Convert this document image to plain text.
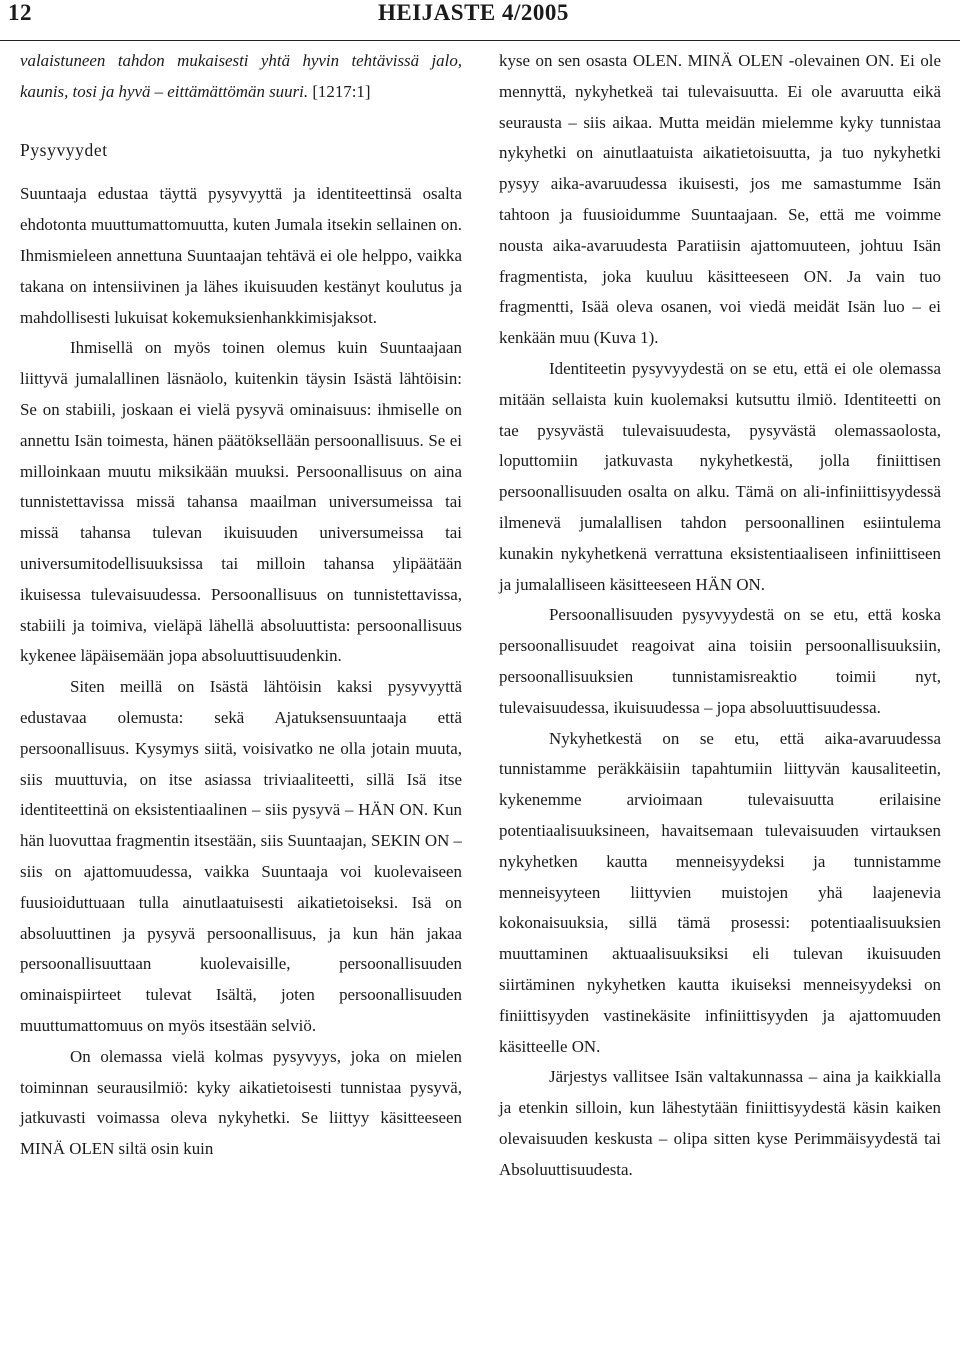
12	HEIJASTE 4/2005

valaistuneen tahdon mukaisesti yhtä hyvin tehtävissä jalo, kaunis, tosi ja hyvä – eittämättömän suuri. [1217:1]

Pysyvyydet

Suuntaaja edustaa täyttä pysyvyyttä ja identiteettinsä osalta ehdotonta muuttumattomuutta, kuten Jumala itsekin sellainen on. Ihmismieleen annettuna Suuntaajan tehtävä ei ole helppo, vaikka takana on intensiivinen ja lähes ikuisuuden kestänyt koulutus ja mahdollisesti lukuisat kokemuksienhankkimisjaksot.

Ihmisellä on myös toinen olemus kuin Suuntaajaan liittyvä jumalallinen läsnäolo, kuitenkin täysin Isästä lähtöisin: Se on stabiili, joskaan ei vielä pysyvä ominaisuus: ihmiselle on annettu Isän toimesta, hänen päätöksellään persoonallisuus. Se ei milloinkaan muutu miksikään muuksi. Persoonallisuus on aina tunnistettavissa missä tahansa maailman universumeissa tai missä tahansa tulevan ikuisuuden universumeissa tai universumitodellisuuksissa tai milloin tahansa ylipäätään ikuisessa tulevaisuudessa. Persoonallisuus on tunnistettavissa, stabiili ja toimiva, vieläpä lähellä absoluuttista: persoonallisuus kykenee läpäisemään jopa absoluuttisuudenkin.

Siten meillä on Isästä lähtöisin kaksi pysyvyyttä edustavaa olemusta: sekä Ajatuksensuuntaaja että persoonallisuus. Kysymys siitä, voisivatko ne olla jotain muuta, siis muuttuvia, on itse asiassa triviaaliteetti, sillä Isä itse identiteettinä on eksistentiaalinen – siis pysyvä – HÄN ON. Kun hän luovuttaa fragmentin itsestään, siis Suuntaajan, SEKIN ON – siis on ajattomuudessa, vaikka Suuntaaja voi kuolevaiseen fuusioiduttuaan tulla ainutlaatuisesti aikatietoiseksi. Isä on absoluuttinen ja pysyvä persoonallisuus, ja kun hän jakaa persoonallisuuttaan kuolevaisille, persoonallisuuden ominaispiirteet tulevat Isältä, joten persoonallisuuden muuttumattomuus on myös itsestään selviö.

On olemassa vielä kolmas pysyvyys, joka on mielen toiminnan seurausilmiö: kyky aikatietoisesti tunnistaa pysyvä, jatkuvasti voimassa oleva nykyhetki. Se liittyy käsitteeseen MINÄ OLEN siltä osin kuin

kyse on sen osasta OLEN. MINÄ OLEN -olevainen ON. Ei ole mennyttä, nykyhetkeä tai tulevaisuutta. Ei ole avaruutta eikä seurausta – siis aikaa. Mutta meidän mielemme kyky tunnistaa nykyhetki on ainutlaatuista aikatietoisuutta, ja tuo nykyhetki pysyy aika-avaruudessa ikuisesti, jos me samastumme Isän tahtoon ja fuusioidumme Suuntaajaan. Se, että me voimme nousta aika-avaruudesta Paratiisin ajattomuuteen, johtuu Isän fragmentista, joka kuuluu käsitteeseen ON. Ja vain tuo fragmentti, Isää oleva osanen, voi viedä meidät Isän luo – ei kenkään muu (Kuva 1).

Identiteetin pysyvyydestä on se etu, että ei ole olemassa mitään sellaista kuin kuolemaksi kutsuttu ilmiö. Identiteetti on tae pysyvästä tulevaisuudesta, pysyvästä olemassaolosta, loputtomiin jatkuvasta nykyhetkestä, jolla finiittisen persoonallisuuden osalta on alku. Tämä on ali-infiniittisyydessä ilmenevä jumalallisen tahdon persoonallinen esiintulema kunakin nykyhetkenä verrattuna eksistentiaaliseen infiniittiseen ja jumalalliseen käsitteeseen HÄN ON.

Persoonallisuuden pysyvyydestä on se etu, että koska persoonallisuudet reagoivat aina toisiin persoonallisuuksiin, persoonallisuuksien tunnistamisreaktio toimii nyt, tulevaisuudessa, ikuisuudessa – jopa absoluuttisuudessa.

Nykyhetkestä on se etu, että aika-avaruudessa tunnistamme peräkkäisiin tapahtumiin liittyvän kausaliteetin, kykenemme arvioimaan tulevaisuutta erilaisine potentiaalisuuksineen, havaitsemaan tulevaisuuden virtauksen nykyhetken kautta menneisyydeksi ja tunnistamme menneisyyteen liittyvien muistojen yhä laajenevia kokonaisuuksia, sillä tämä prosessi: potentiaalisuuksien muuttaminen aktuaalisuuksiksi eli tulevan ikuisuuden siirtäminen nykyhetken kautta ikuiseksi menneisyydeksi on finiittisyyden vastinekäsite infiniittisyyden ja ajattomuuden käsitteelle ON.

Järjestys vallitsee Isän valtakunnassa – aina ja kaikkialla ja etenkin silloin, kun lähestytään finiittisyydestä käsin kaiken olevaisuuden keskusta – olipa sitten kyse Perimmäisyydestä tai Absoluuttisuudesta.
